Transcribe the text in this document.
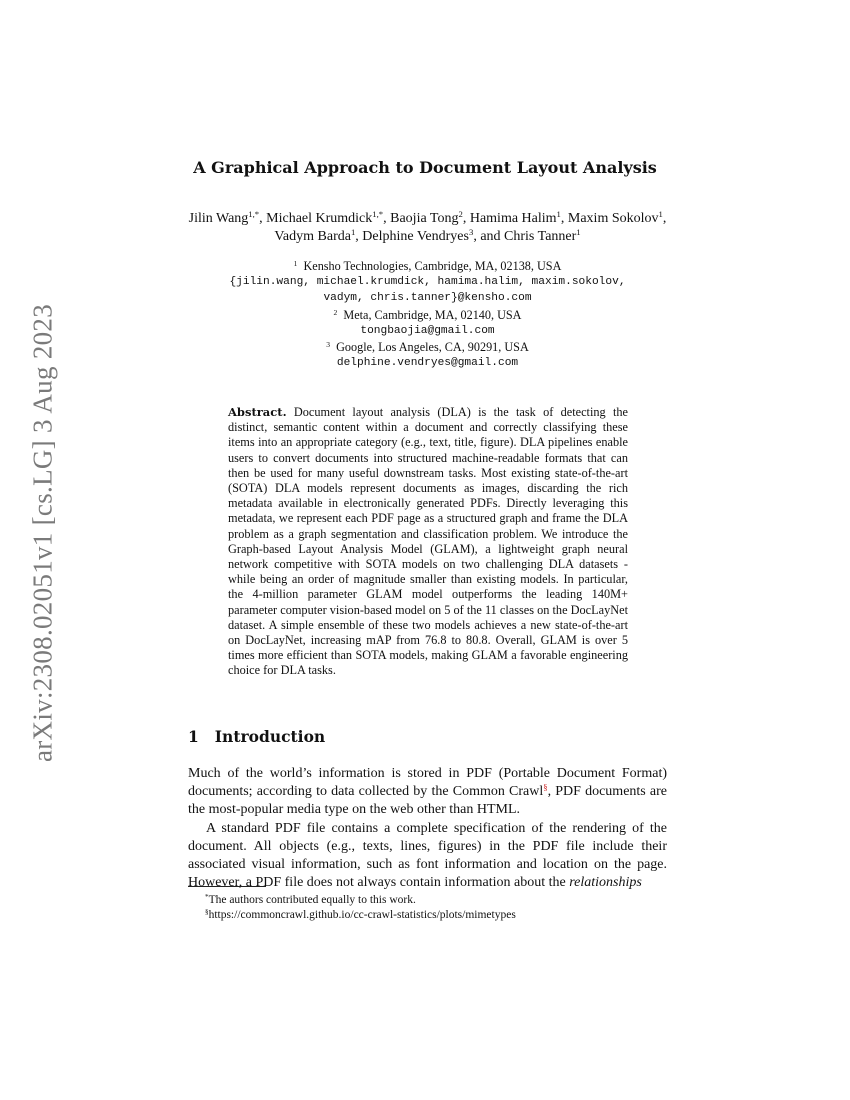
arXiv:2308.02051v1 [cs.LG] 3 Aug 2023
A Graphical Approach to Document Layout Analysis
Jilin Wang$^{1,*}$, Michael Krumdick$^{1,*}$, Baojia Tong$^2$, Hamima Halim$^1$, Maxim Sokolov$^1$, Vadym Barda$^1$, Delphine Vendryes$^3$, and Chris Tanner$^1$
$^1$ Kensho Technologies, Cambridge, MA, 02138, USA
{jilin.wang, michael.krumdick, hamima.halim, maxim.sokolov,
vadym, chris.tanner}@kensho.com
$^2$ Meta, Cambridge, MA, 02140, USA
tongbaojia@gmail.com
$^3$ Google, Los Angeles, CA, 90291, USA
delphine.vendryes@gmail.com
Abstract. Document layout analysis (DLA) is the task of detecting the distinct, semantic content within a document and correctly classifying these items into an appropriate category (e.g., text, title, figure). DLA pipelines enable users to convert documents into structured machine-readable formats that can then be used for many useful downstream tasks. Most existing state-of-the-art (SOTA) DLA models represent documents as images, discarding the rich metadata available in electronically generated PDFs. Directly leveraging this metadata, we represent each PDF page as a structured graph and frame the DLA problem as a graph segmentation and classification problem. We introduce the Graph-based Layout Analysis Model (GLAM), a lightweight graph neural network competitive with SOTA models on two challenging DLA datasets - while being an order of magnitude smaller than existing models. In particular, the 4-million parameter GLAM model outperforms the leading 140M+ parameter computer vision-based model on 5 of the 11 classes on the DocLayNet dataset. A simple ensemble of these two models achieves a new state-of-the-art on DocLayNet, increasing mAP from 76.8 to 80.8. Overall, GLAM is over 5 times more efficient than SOTA models, making GLAM a favorable engineering choice for DLA tasks.
1 Introduction

Much of the world’s information is stored in PDF (Portable Document Format) documents; according to data collected by the Common Crawl§, PDF documents are the most-popular media type on the web other than HTML.

A standard PDF file contains a complete specification of the rendering of the document. All objects (e.g., texts, lines, figures) in the PDF file include their associated visual information, such as font information and location on the page. However, a PDF file does not always contain information about the relationships

*The authors contributed equally to this work.
§https://commoncrawl.github.io/cc-crawl-statistics/plots/mimetypes
